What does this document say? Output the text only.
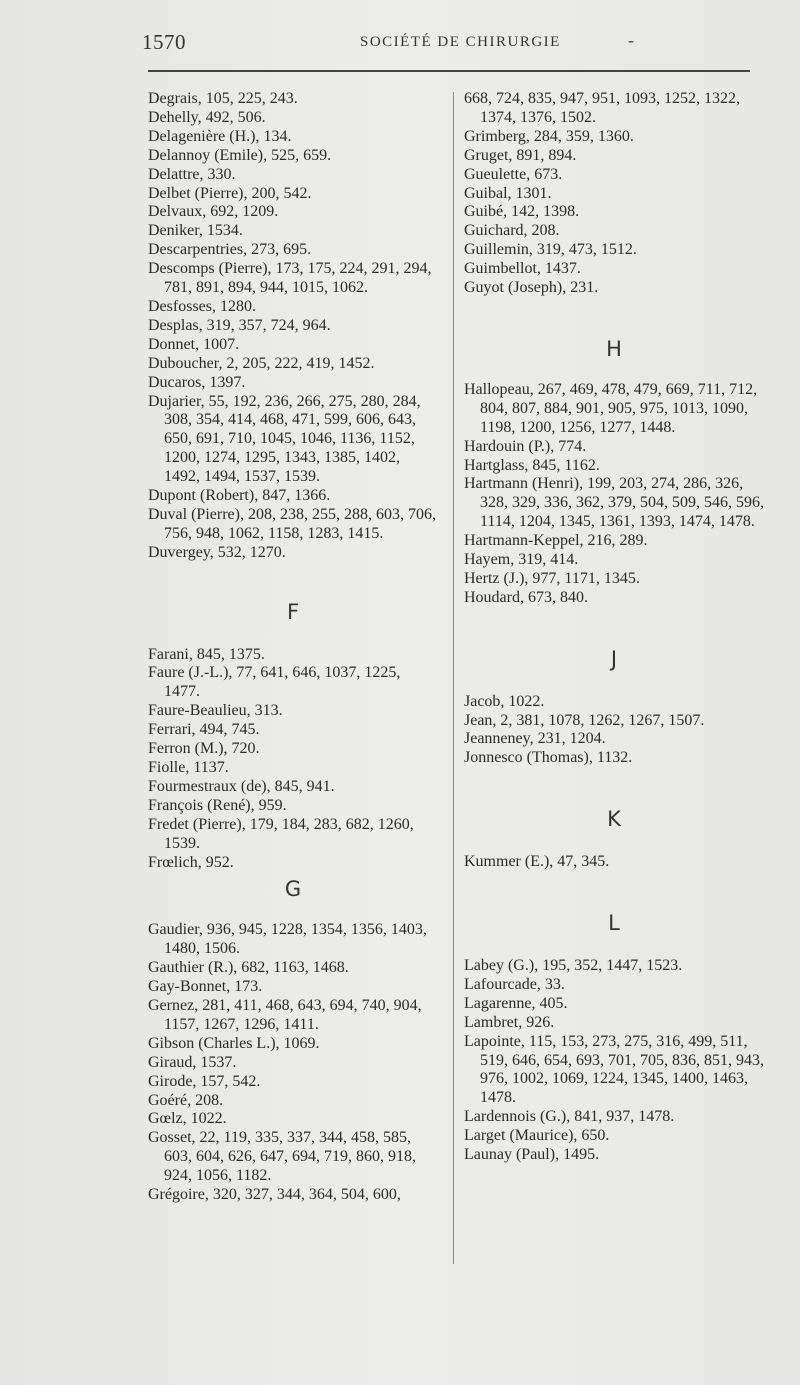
1570	SOCIÉTÉ DE CHIRURGIE	-
Degrais, 105, 225, 243.
Dehelly, 492, 506.
Delagenière (H.), 134.
Delannoy (Emile), 525, 659.
Delattre, 330.
Delbet (Pierre), 200, 542.
Delvaux, 692, 1209.
Deniker, 1534.
Descarpentries, 273, 695.
Descomps (Pierre), 173, 175, 224, 291, 294, 781, 891, 894, 944, 1015, 1062.
Desfosses, 1280.
Desplas, 319, 357, 724, 964.
Donnet, 1007.
Duboucher, 2, 205, 222, 419, 1452.
Ducaros, 1397.
Dujarier, 55, 192, 236, 266, 275, 280, 284, 308, 354, 414, 468, 471, 599, 606, 643, 650, 691, 710, 1045, 1046, 1136, 1152, 1200, 1274, 1295, 1343, 1385, 1402, 1492, 1494, 1537, 1539.
Dupont (Robert), 847, 1366.
Duval (Pierre), 208, 238, 255, 288, 603, 706, 756, 948, 1062, 1158, 1283, 1415.
Duvergey, 532, 1270.
F
Farani, 845, 1375.
Faure (J.-L.), 77, 641, 646, 1037, 1225, 1477.
Faure-Beaulieu, 313.
Ferrari, 494, 745.
Ferron (M.), 720.
Fiolle, 1137.
Fourmestraux (de), 845, 941.
François (René), 959.
Fredet (Pierre), 179, 184, 283, 682, 1260, 1539.
Frœlich, 952.
G
Gaudier, 936, 945, 1228, 1354, 1356, 1403, 1480, 1506.
Gauthier (R.), 682, 1163, 1468.
Gay-Bonnet, 173.
Gernez, 281, 411, 468, 643, 694, 740, 904, 1157, 1267, 1296, 1411.
Gibson (Charles L.), 1069.
Giraud, 1537.
Girode, 157, 542.
Goéré, 208.
Gœlz, 1022.
Gosset, 22, 119, 335, 337, 344, 458, 585, 603, 604, 626, 647, 694, 719, 860, 918, 924, 1056, 1182.
Grégoire, 320, 327, 344, 364, 504, 600,
668, 724, 835, 947, 951, 1093, 1252, 1322, 1374, 1376, 1502.
Grimberg, 284, 359, 1360.
Gruget, 891, 894.
Gueulette, 673.
Guibal, 1301.
Guibé, 142, 1398.
Guichard, 208.
Guillemin, 319, 473, 1512.
Guimbellot, 1437.
Guyot (Joseph), 231.
H
Hallopeau, 267, 469, 478, 479, 669, 711, 712, 804, 807, 884, 901, 905, 975, 1013, 1090, 1198, 1200, 1256, 1277, 1448.
Hardouin (P.), 774.
Hartglass, 845, 1162.
Hartmann (Henri), 199, 203, 274, 286, 326, 328, 329, 336, 362, 379, 504, 509, 546, 596, 1114, 1204, 1345, 1361, 1393, 1474, 1478.
Hartmann-Keppel, 216, 289.
Hayem, 319, 414.
Hertz (J.), 977, 1171, 1345.
Houdard, 673, 840.
J
Jacob, 1022.
Jean, 2, 381, 1078, 1262, 1267, 1507.
Jeanneney, 231, 1204.
Jonnesco (Thomas), 1132.
K
Kummer (E.), 47, 345.
L
Labey (G.), 195, 352, 1447, 1523.
Lafourcade, 33.
Lagarenne, 405.
Lambret, 926.
Lapointe, 115, 153, 273, 275, 316, 499, 511, 519, 646, 654, 693, 701, 705, 836, 851, 943, 976, 1002, 1069, 1224, 1345, 1400, 1463, 1478.
Lardennois (G.), 841, 937, 1478.
Larget (Maurice), 650.
Launay (Paul), 1495.
